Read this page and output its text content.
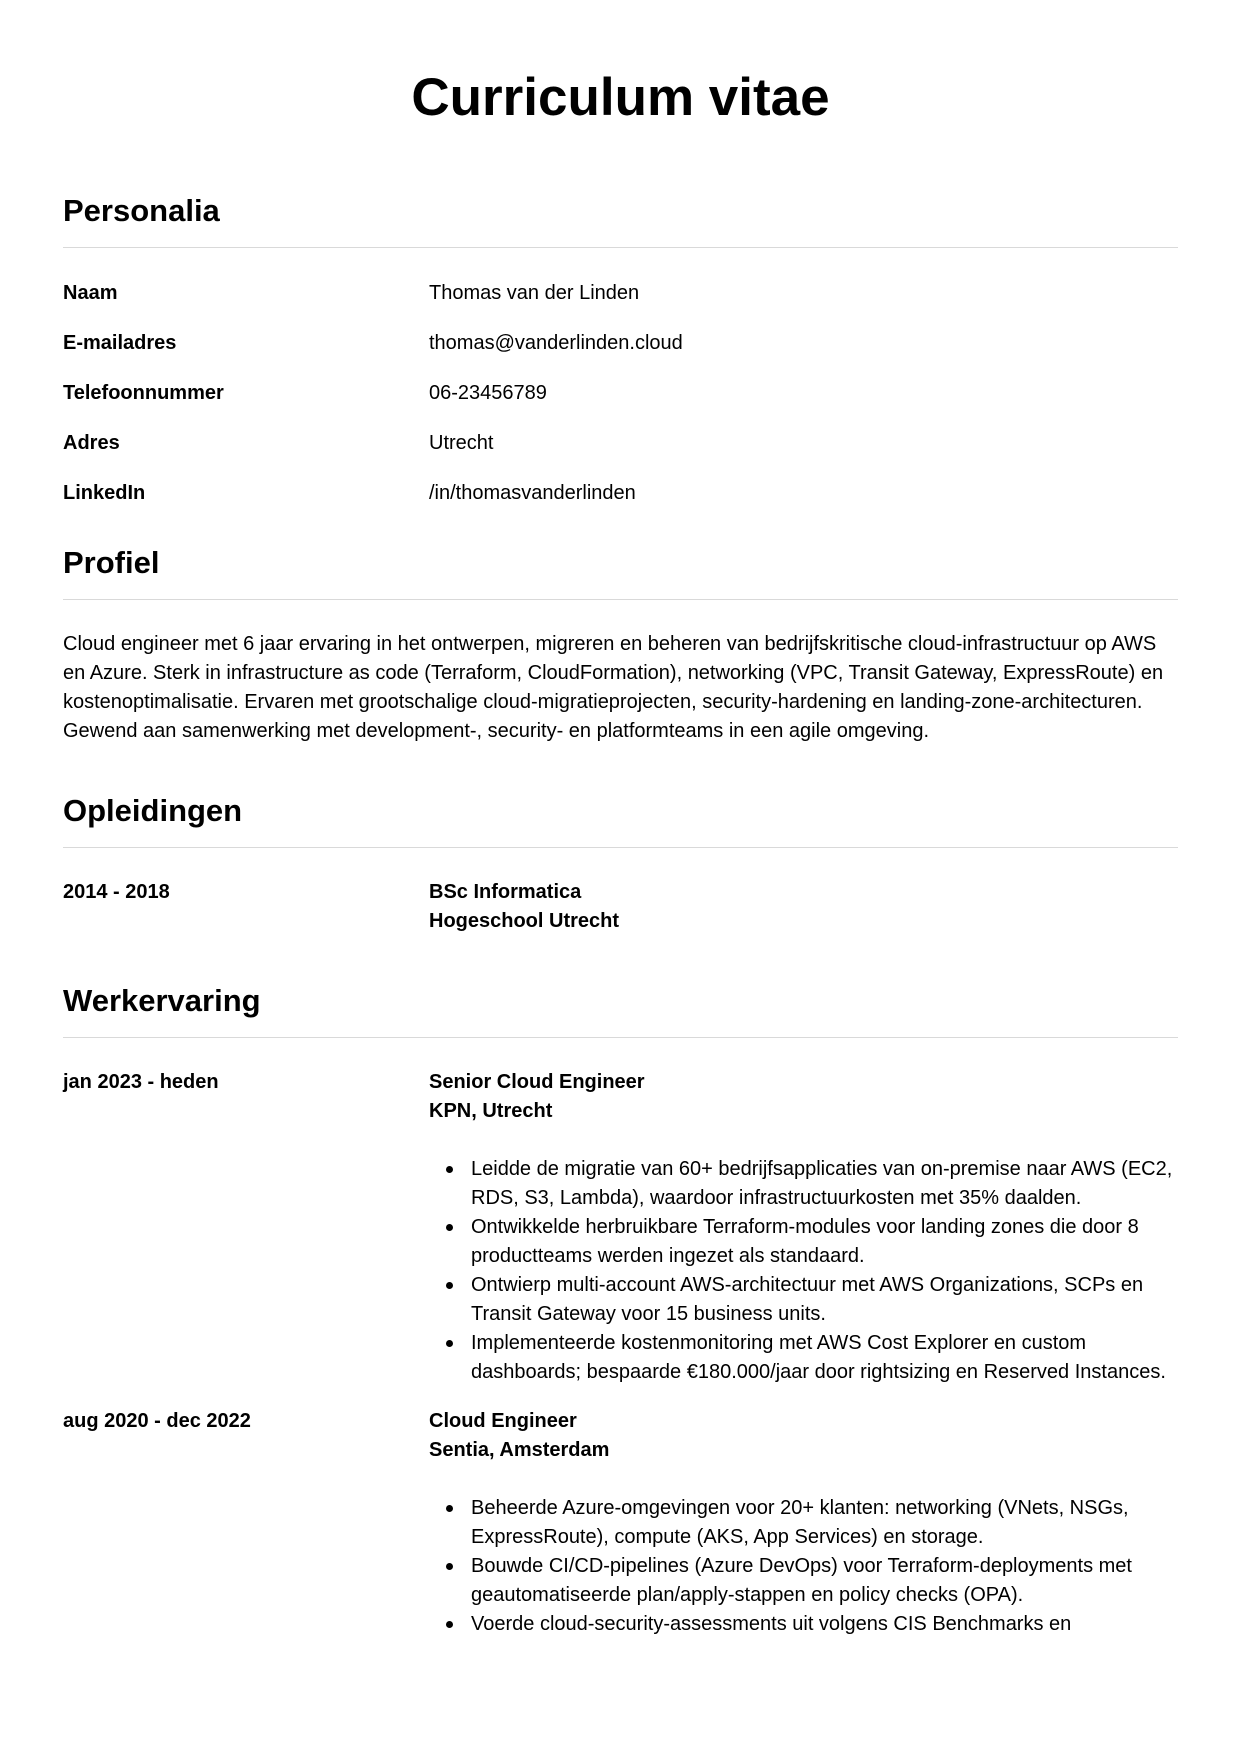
Curriculum vitae
Personalia
Naam	Thomas van der Linden
E-mailadres	thomas@vanderlinden.cloud
Telefoonnummer	06-23456789
Adres	Utrecht
LinkedIn	/in/thomasvanderlinden
Profiel

Cloud engineer met 6 jaar ervaring in het ontwerpen, migreren en beheren van bedrijfskritische cloud-infrastructuur op AWS en Azure. Sterk in infrastructure as code (Terraform, CloudFormation), networking (VPC, Transit Gateway, ExpressRoute) en kostenoptimalisatie. Ervaren met grootschalige cloud-migratieprojecten, security-hardening en landing-zone-architecturen. Gewend aan samenwerking met development-, security- en platformteams in een agile omgeving.

Opleidingen
2014 - 2018	BSc Informatica
Hogeschool Utrecht
Werkervaring
jan 2023 - heden	Senior Cloud Engineer
KPN, Utrecht
Leidde de migratie van 60+ bedrijfsapplicaties van on-premise naar AWS (EC2, RDS, S3, Lambda), waardoor infrastructuurkosten met 35% daalden.
Ontwikkelde herbruikbare Terraform-modules voor landing zones die door 8 productteams werden ingezet als standaard.
Ontwierp multi-account AWS-architectuur met AWS Organizations, SCPs en Transit Gateway voor 15 business units.
Implementeerde kostenmonitoring met AWS Cost Explorer en custom dashboards; bespaarde €180.000/jaar door rightsizing en Reserved Instances.
aug 2020 - dec 2022	Cloud Engineer
Sentia, Amsterdam
Beheerde Azure-omgevingen voor 20+ klanten: networking (VNets, NSGs, ExpressRoute), compute (AKS, App Services) en storage.
Bouwde CI/CD-pipelines (Azure DevOps) voor Terraform-deployments met geautomatiseerde plan/apply-stappen en policy checks (OPA).
Voerde cloud-security-assessments uit volgens CIS Benchmarks en
